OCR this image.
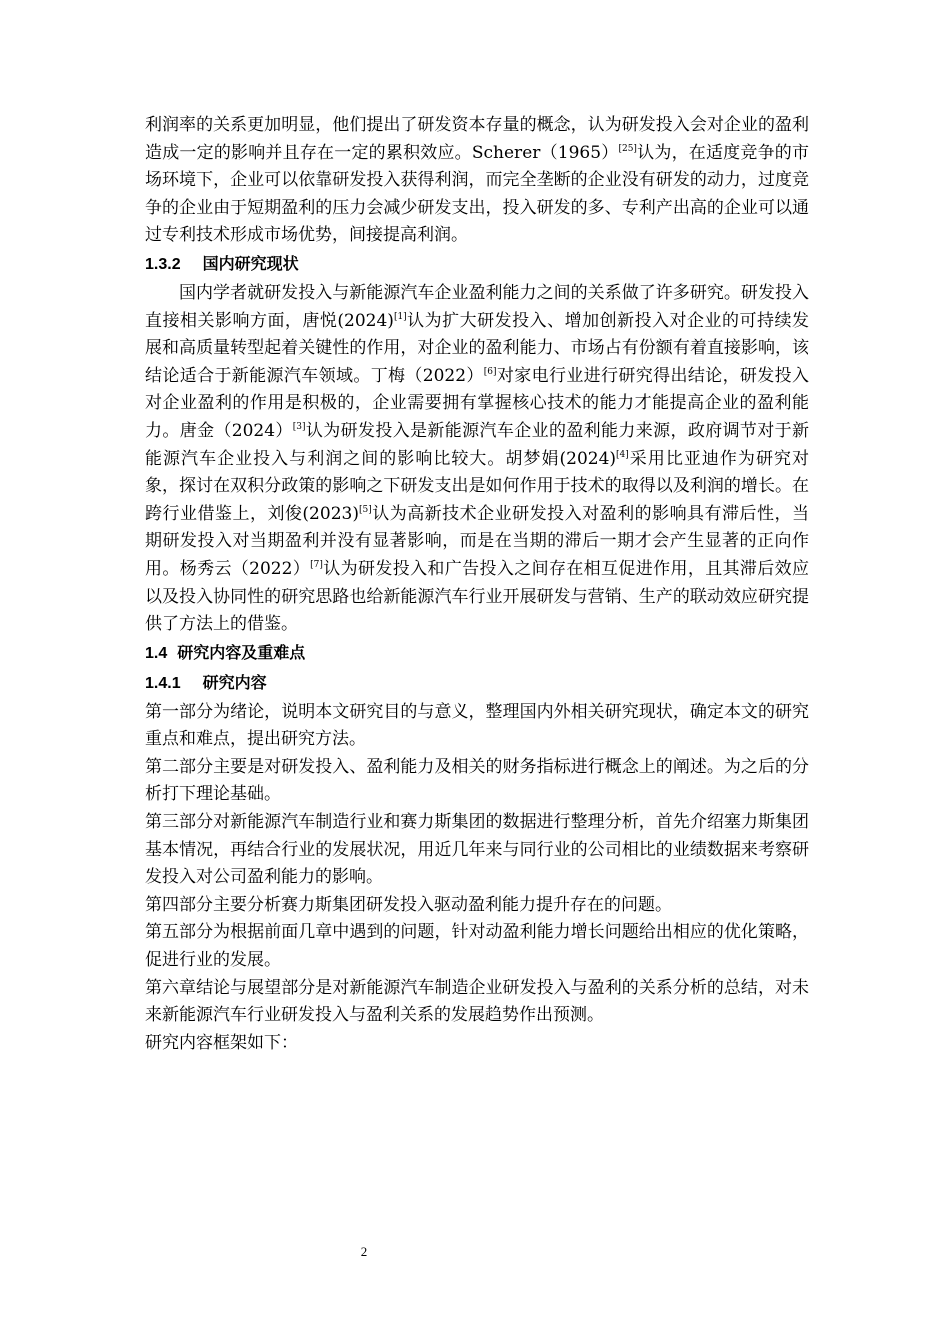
利润率的关系更加明显，他们提出了研发资本存量的概念，认为研发投入会对企业的盈利造成一定的影响并且存在一定的累积效应。Scherer（1965）[25]认为，在适度竞争的市场环境下，企业可以依靠研发投入获得利润，而完全垄断的企业没有研发的动力，过度竞争的企业由于短期盈利的压力会减少研发支出，投入研发的多、专利产出高的企业可以通过专利技术形成市场优势，间接提高利润。

1.3.2 国内研究现状

国内学者就研发投入与新能源汽车企业盈利能力之间的关系做了许多研究。研发投入直接相关影响方面，唐悦(2024)[1]认为扩大研发投入、增加创新投入对企业的可持续发展和高质量转型起着关键性的作用，对企业的盈利能力、市场占有份额有着直接影响，该结论适合于新能源汽车领域。丁梅（2022）[6]对家电行业进行研究得出结论，研发投入对企业盈利的作用是积极的，企业需要拥有掌握核心技术的能力才能提高企业的盈利能力。唐金（2024）[3]认为研发投入是新能源汽车企业的盈利能力来源，政府调节对于新能源汽车企业投入与利润之间的影响比较大。胡梦娟(2024)[4]采用比亚迪作为研究对象，探讨在双积分政策的影响之下研发支出是如何作用于技术的取得以及利润的增长。在跨行业借鉴上，刘俊(2023)[5]认为高新技术企业研发投入对盈利的影响具有滞后性，当期研发投入对当期盈利并没有显著影响，而是在当期的滞后一期才会产生显著的正向作用。杨秀云（2022）[7]认为研发投入和广告投入之间存在相互促进作用，且其滞后效应以及投入协同性的研究思路也给新能源汽车行业开展研发与营销、生产的联动效应研究提供了方法上的借鉴。

1.4 研究内容及重难点

1.4.1 研究内容

第一部分为绪论，说明本文研究目的与意义，整理国内外相关研究现状，确定本文的研究重点和难点，提出研究方法。

第二部分主要是对研发投入、盈利能力及相关的财务指标进行概念上的阐述。为之后的分析打下理论基础。

第三部分对新能源汽车制造行业和赛力斯集团的数据进行整理分析，首先介绍塞力斯集团基本情况，再结合行业的发展状况，用近几年来与同行业的公司相比的业绩数据来考察研发投入对公司盈利能力的影响。

第四部分主要分析赛力斯集团研发投入驱动盈利能力提升存在的问题。

第五部分为根据前面几章中遇到的问题，针对动盈利能力增长问题给出相应的优化策略，促进行业的发展。

第六章结论与展望部分是对新能源汽车制造企业研发投入与盈利的关系分析的总结，对未来新能源汽车行业研发投入与盈利关系的发展趋势作出预测。

研究内容框架如下：

2
